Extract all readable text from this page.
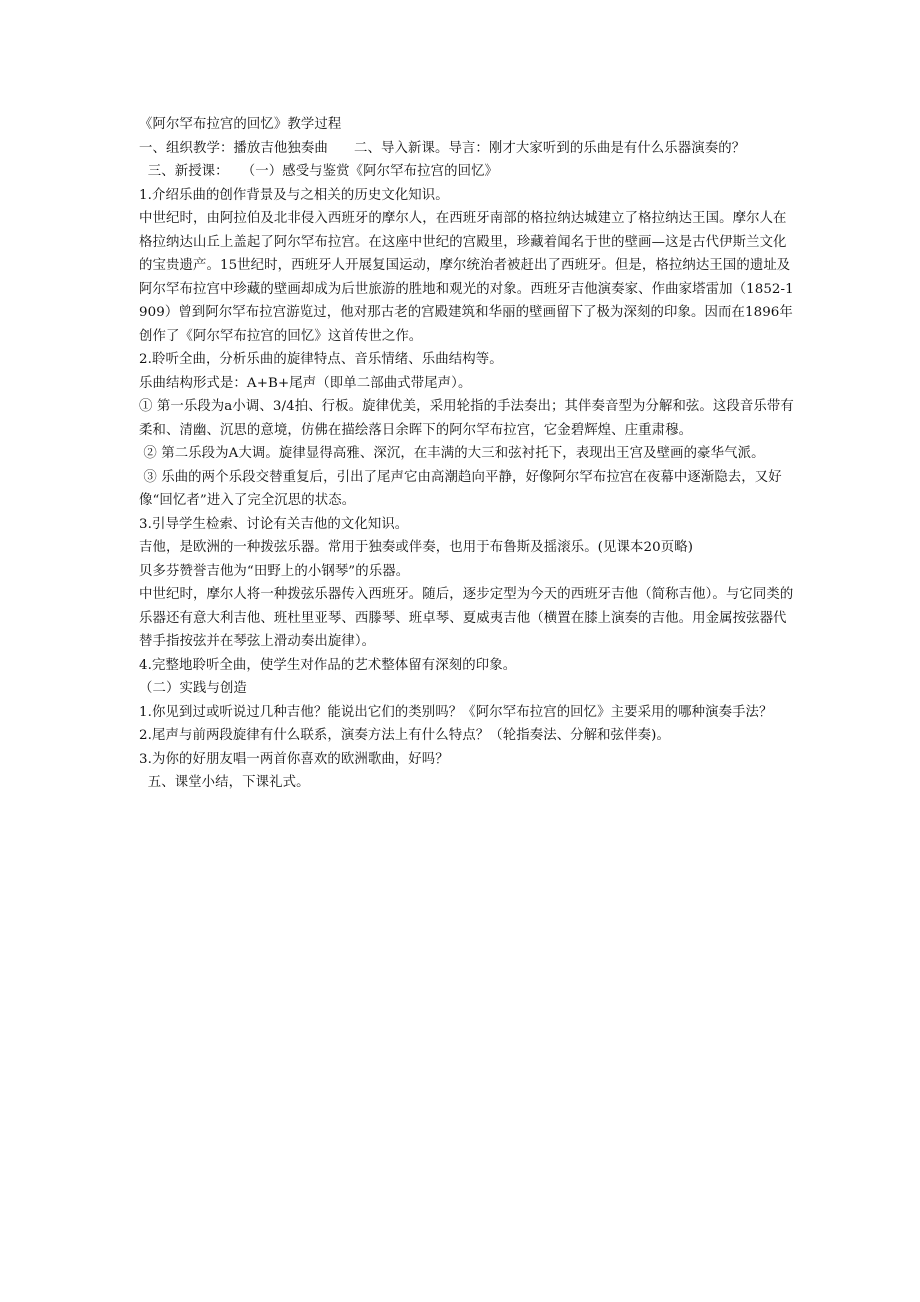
《阿尔罕布拉宫的回忆》教学过程

一、组织教学：播放吉他独奏曲      二、导入新课。导言：刚才大家听到的乐曲是有什么乐器演奏的？

三、新授课：   （一）感受与鉴赏《阿尔罕布拉宫的回忆》

1.介绍乐曲的创作背景及与之相关的历史文化知识。

中世纪时，由阿拉伯及北非侵入西班牙的摩尔人，在西班牙南部的格拉纳达城建立了格拉纳达王国。摩尔人在格拉纳达山丘上盖起了阿尔罕布拉宫。在这座中世纪的宫殿里，珍藏着闻名于世的壁画—这是古代伊斯兰文化的宝贵遗产。15世纪时，西班牙人开展复国运动，摩尔统治者被赶出了西班牙。但是，格拉纳达王国的遗址及阿尔罕布拉宫中珍藏的壁画却成为后世旅游的胜地和观光的对象。西班牙吉他演奏家、作曲家塔雷加（1852-1909）曾到阿尔罕布拉宫游览过，他对那古老的宫殿建筑和华丽的壁画留下了极为深刻的印象。因而在1896年创作了《阿尔罕布拉宫的回忆》这首传世之作。

2.聆听全曲，分析乐曲的旋律特点、音乐情绪、乐曲结构等。

乐曲结构形式是：A+B+尾声（即单二部曲式带尾声）。

① 第一乐段为a小调、3/4拍、行板。旋律优美，采用轮指的手法奏出；其伴奏音型为分解和弦。这段音乐带有柔和、清幽、沉思的意境，仿佛在描绘落日余晖下的阿尔罕布拉宫，它金碧辉煌、庄重肃穆。

② 第二乐段为A大调。旋律显得高雅、深沉，在丰满的大三和弦衬托下，表现出王宫及壁画的豪华气派。

③ 乐曲的两个乐段交替重复后，引出了尾声它由高潮趋向平静，好像阿尔罕布拉宫在夜幕中逐渐隐去，又好像“回忆者”进入了完全沉思的状态。

3.引导学生检索、讨论有关吉他的文化知识。

吉他，是欧洲的一种拨弦乐器。常用于独奏或伴奏，也用于布鲁斯及摇滚乐。(见课本20页略)

贝多芬赞誉吉他为“田野上的小钢琴”的乐器。

中世纪时，摩尔人将一种拨弦乐器传入西班牙。随后，逐步定型为今天的西班牙吉他（简称吉他）。与它同类的乐器还有意大利吉他、班杜里亚琴、西滕琴、班卓琴、夏威夷吉他（横置在膝上演奏的吉他。用金属按弦器代替手指按弦并在琴弦上滑动奏出旋律）。

4.完整地聆听全曲，使学生对作品的艺术整体留有深刻的印象。

（二）实践与创造

1.你见到过或听说过几种吉他？能说出它们的类别吗？《阿尔罕布拉宫的回忆》主要采用的哪种演奏手法？

2.尾声与前两段旋律有什么联系，演奏方法上有什么特点？（轮指奏法、分解和弦伴奏)。

3.为你的好朋友唱一两首你喜欢的欧洲歌曲，好吗？

五、课堂小结，下课礼式。
